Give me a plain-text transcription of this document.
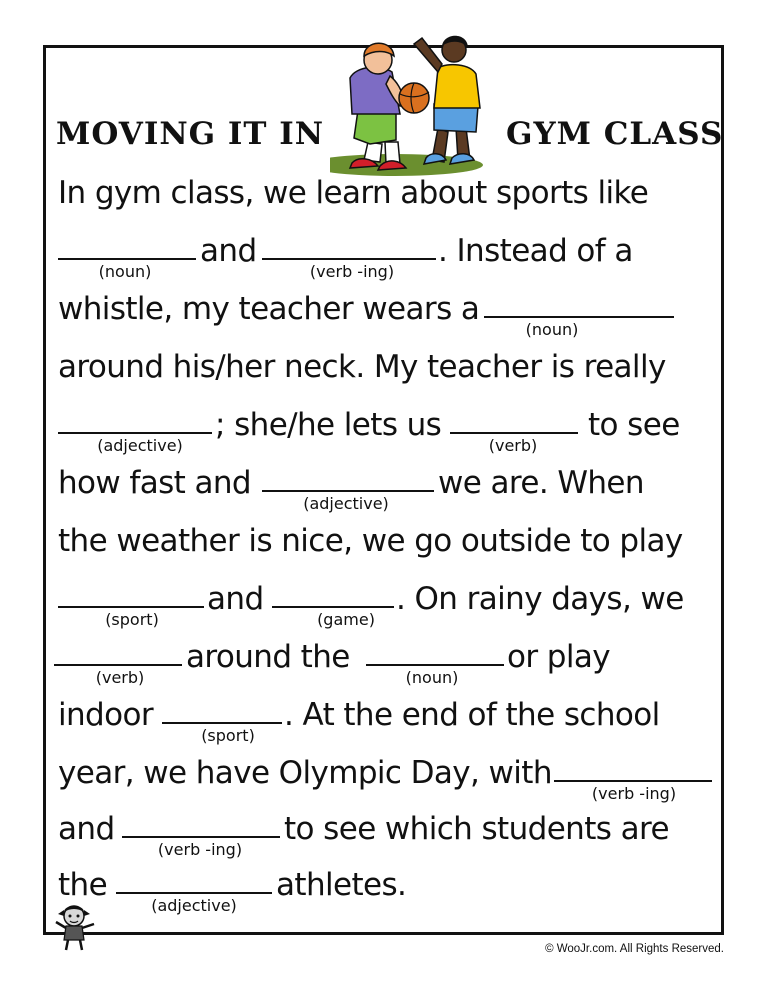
MOVING IT IN	GYM CLASS
In gym class, we learn about sports like
and	. Instead of a
(noun)	(verb -ing)
whistle, my teacher wears a
(noun)
around his/her neck. My teacher is really
; she/he lets us	to see
(adjective)	(verb)
how fast and	we are. When
(adjective)
the weather is nice, we go outside to play
and	. On rainy days, we
(sport)	(game)
around the	or play
(verb)	(noun)
indoor	. At the end of the school
(sport)
year, we have Olympic Day, with
(verb -ing)
and	to see which students are
(verb -ing)
the	athletes.
(adjective)
© WooJr.com. All Rights Reserved.
